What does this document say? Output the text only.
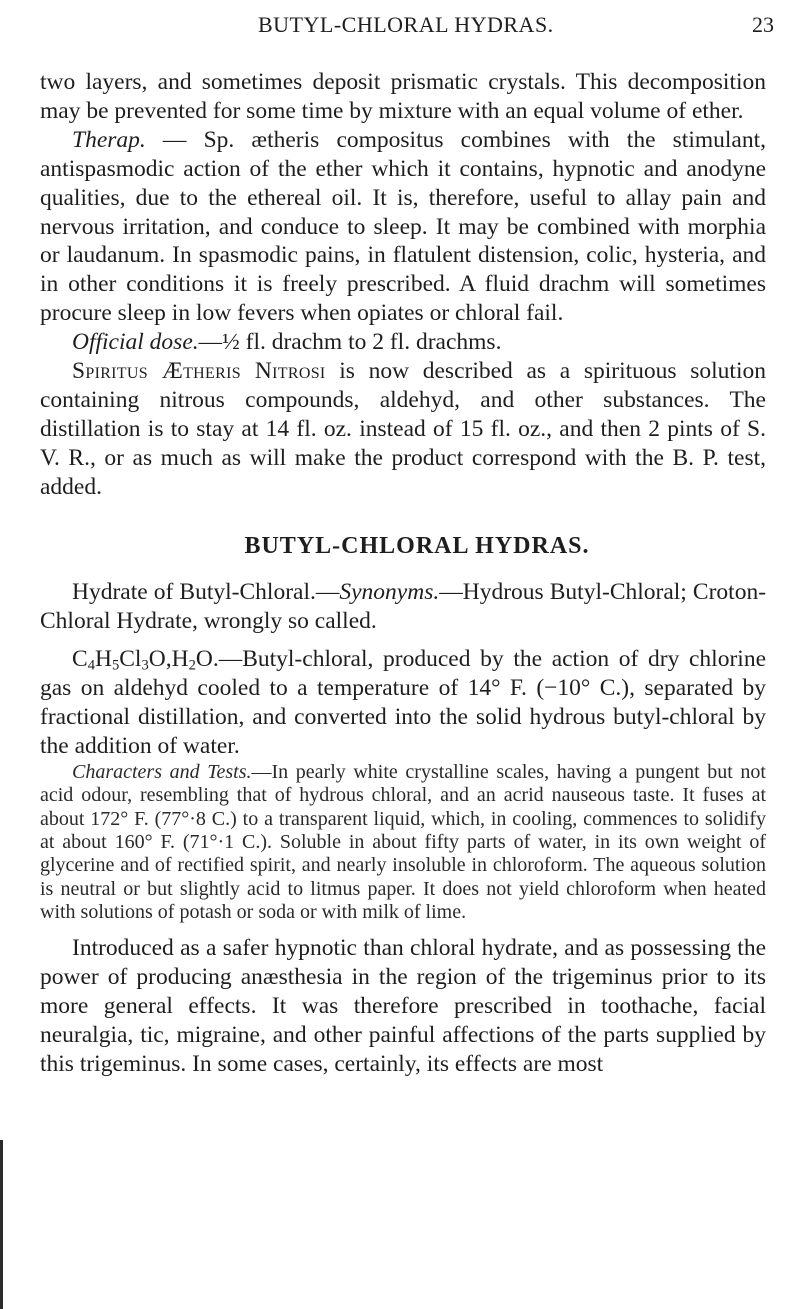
BUTYL-CHLORAL HYDRAS.	23

two layers, and sometimes deposit prismatic crystals. This decomposition may be prevented for some time by mixture with an equal volume of ether.

Therap. — Sp. ætheris compositus combines with the stimulant, antispasmodic action of the ether which it contains, hypnotic and anodyne qualities, due to the ethereal oil. It is, therefore, useful to allay pain and nervous irritation, and conduce to sleep. It may be combined with morphia or laudanum. In spasmodic pains, in flatulent distension, colic, hysteria, and in other conditions it is freely prescribed. A fluid drachm will sometimes procure sleep in low fevers when opiates or chloral fail.

Official dose.—½ fl. drachm to 2 fl. drachms.

Spiritus Ætheris Nitrosi is now described as a spirituous solution containing nitrous compounds, aldehyd, and other substances. The distillation is to stay at 14 fl. oz. instead of 15 fl. oz., and then 2 pints of S. V. R., or as much as will make the product correspond with the B. P. test, added.

BUTYL-CHLORAL HYDRAS.

Hydrate of Butyl-Chloral.—Synonyms.—Hydrous Butyl-Chloral; Croton-Chloral Hydrate, wrongly so called.

$C_4H_5Cl_3O,H_2O.—Butyl$-chloral, produced by the action of dry chlorine gas on aldehyd cooled to a temperature of 14° F. (−10° C.), separated by fractional distillation, and converted into the solid hydrous butyl-chloral by the addition of water.

Characters and Tests.—In pearly white crystalline scales, having a pungent but not acid odour, resembling that of hydrous chloral, and an acrid nauseous taste. It fuses at about 172° F. (77°·8 C.) to a transparent liquid, which, in cooling, commences to solidify at about 160° F. (71°·1 C.). Soluble in about fifty parts of water, in its own weight of glycerine and of rectified spirit, and nearly insoluble in chloroform. The aqueous solution is neutral or but slightly acid to litmus paper. It does not yield chloroform when heated with solutions of potash or soda or with milk of lime.

Introduced as a safer hypnotic than chloral hydrate, and as possessing the power of producing anæsthesia in the region of the trigeminus prior to its more general effects. It was therefore prescribed in toothache, facial neuralgia, tic, migraine, and other painful affections of the parts supplied by this trigeminus. In some cases, certainly, its effects are most
